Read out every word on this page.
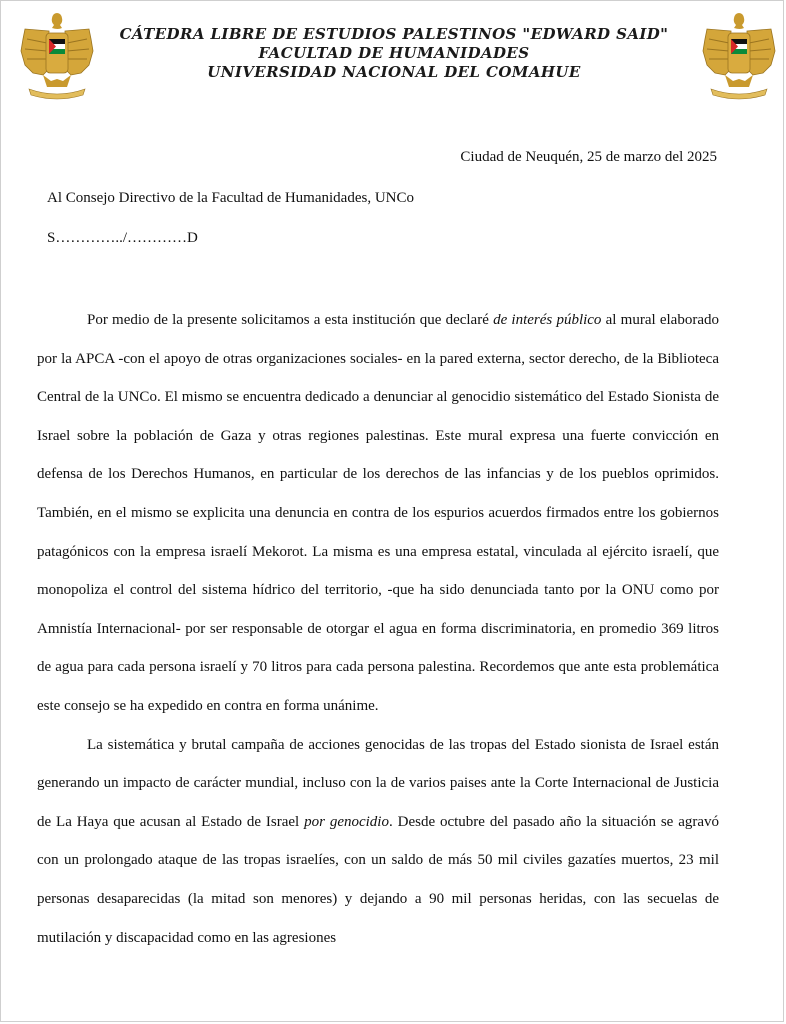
CÁTEDRA LIBRE DE ESTUDIOS PALESTINOS "EDWARD SAID"
FACULTAD DE HUMANIDADES
UNIVERSIDAD NACIONAL DEL COMAHUE
Ciudad de Neuquén, 25 de marzo del 2025
Al Consejo Directivo de la Facultad de Humanidades, UNCo
S…………../…………D

Por medio de la presente solicitamos a esta institución que declaré de interés público al mural elaborado por la APCA -con el apoyo de otras organizaciones sociales- en la pared externa, sector derecho, de la Biblioteca Central de la UNCo. El mismo se encuentra dedicado a denunciar al genocidio sistemático del Estado Sionista de Israel sobre la población de Gaza y otras regiones palestinas. Este mural expresa una fuerte convicción en defensa de los Derechos Humanos, en particular de los derechos de las infancias y de los pueblos oprimidos. También, en el mismo se explicita una denuncia en contra de los espurios acuerdos firmados entre los gobiernos patagónicos con la empresa israelí Mekorot. La misma es una empresa estatal, vinculada al ejército israelí, que monopoliza el control del sistema hídrico del territorio, -que ha sido denunciada tanto por la ONU como por Amnistía Internacional- por ser responsable de otorgar el agua en forma discriminatoria, en promedio 369 litros de agua para cada persona israelí y 70 litros para cada persona palestina. Recordemos que ante esta problemática este consejo se ha expedido en contra en forma unánime.

La sistemática y brutal campaña de acciones genocidas de las tropas del Estado sionista de Israel están generando un impacto de carácter mundial, incluso con la de varios paises ante la Corte Internacional de Justicia de La Haya que acusan al Estado de Israel por genocidio. Desde octubre del pasado año la situación se agravó con un prolongado ataque de las tropas israelíes, con un saldo de más 50 mil civiles gazatíes muertos, 23 mil personas desaparecidas (la mitad son menores) y dejando a 90 mil personas heridas, con las secuelas de mutilación y discapacidad como en las agresiones
